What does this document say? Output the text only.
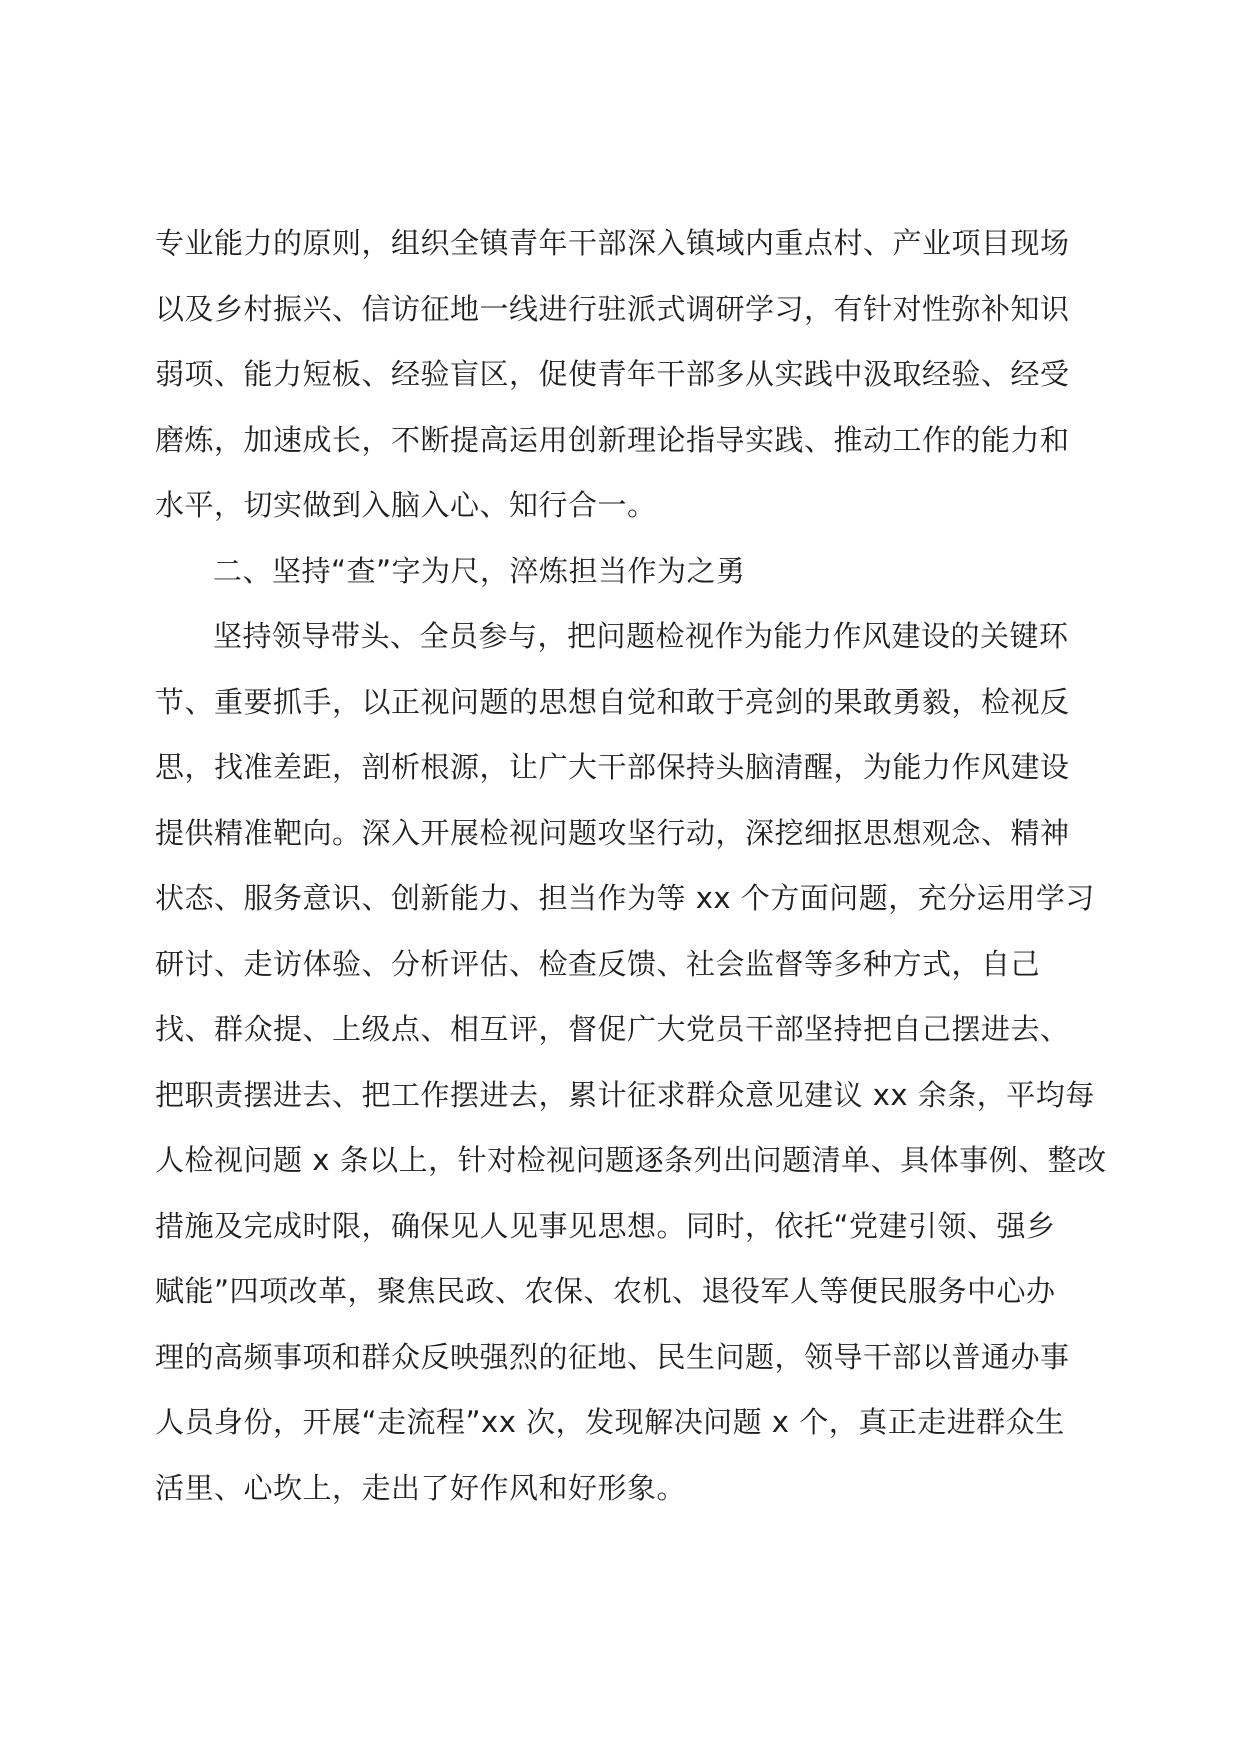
专业能力的原则，组织全镇青年干部深入镇域内重点村、产业项目现场
以及乡村振兴、信访征地一线进行驻派式调研学习，有针对性弥补知识
弱项、能力短板、经验盲区，促使青年干部多从实践中汲取经验、经受
磨炼，加速成长，不断提高运用创新理论指导实践、推动工作的能力和
水平，切实做到入脑入心、知行合一。
二、坚持“查”字为尺，淬炼担当作为之勇
坚持领导带头、全员参与，把问题检视作为能力作风建设的关键环
节、重要抓手，以正视问题的思想自觉和敢于亮剑的果敢勇毅，检视反
思，找准差距，剖析根源，让广大干部保持头脑清醒，为能力作风建设
提供精准靶向。深入开展检视问题攻坚行动，深挖细抠思想观念、精神
状态、服务意识、创新能力、担当作为等 xx 个方面问题，充分运用学习
研讨、走访体验、分析评估、检查反馈、社会监督等多种方式，自己
找、群众提、上级点、相互评，督促广大党员干部坚持把自己摆进去、
把职责摆进去、把工作摆进去，累计征求群众意见建议 xx 余条，平均每
人检视问题 x 条以上，针对检视问题逐条列出问题清单、具体事例、整改
措施及完成时限，确保见人见事见思想。同时，依托“党建引领、强乡
赋能”四项改革，聚焦民政、农保、农机、退役军人等便民服务中心办
理的高频事项和群众反映强烈的征地、民生问题，领导干部以普通办事
人员身份，开展“走流程”xx 次，发现解决问题 x 个，真正走进群众生
活里、心坎上，走出了好作风和好形象。
